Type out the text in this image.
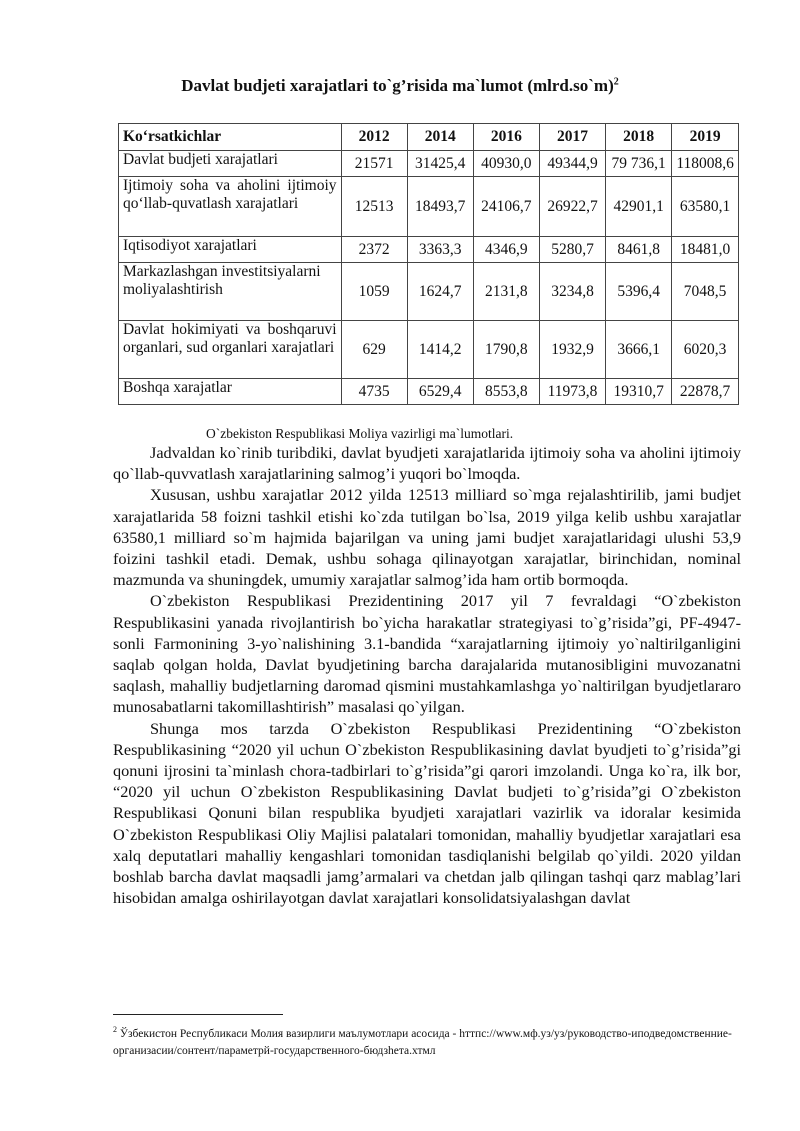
Davlat budjeti xarajatlari to`g’risida ma`lumot (mlrd.so`m)$^2$
Ko‘rsatkichlar	2012	2014	2016	2017	2018	2019
Davlat budjeti xarajatlari	21571	31425,4	40930,0	49344,9	79 736,1	118008,6
Ijtimoiy soha va aholini ijtimoiy qo‘llab-quvatlash xarajatlari	12513	18493,7	24106,7	26922,7	42901,1	63580,1
Iqtisodiyot xarajatlari	2372	3363,3	4346,9	5280,7	8461,8	18481,0
Markazlashgan investitsiyalarni moliyalashtirish	1059	1624,7	2131,8	3234,8	5396,4	7048,5
Davlat hokimiyati va boshqaruvi organlari, sud organlari xarajatlari	629	1414,2	1790,8	1932,9	3666,1	6020,3
Boshqa xarajatlar	4735	6529,4	8553,8	11973,8	19310,7	22878,7
O`zbekiston Respublikasi Moliya vazirligi ma`lumotlari.

Jadvaldan ko`rinib turibdiki, davlat byudjeti xarajatlarida ijtimoiy soha va aholini ijtimoiy qo`llab-quvvatlash xarajatlarining salmog’i yuqori bo`lmoqda.

Xususan, ushbu xarajatlar 2012 yilda 12513 milliard so`mga rejalashtirilib, jami budjet xarajatlarida 58 foizni tashkil etishi ko`zda tutilgan bo`lsa, 2019 yilga kelib ushbu xarajatlar 63580,1 milliard so`m hajmida bajarilgan va uning jami budjet xarajatlaridagi ulushi 53,9 foizini tashkil etadi. Demak, ushbu sohaga qilinayotgan xarajatlar, birinchidan, nominal mazmunda va shuningdek, umumiy xarajatlar salmog’ida ham ortib bormoqda.

O`zbekiston Respublikasi Prezidentining 2017 yil 7 fevraldagi “O`zbekiston Respublikasini yanada rivojlantirish bo`yicha harakatlar strategiyasi to`g’risida”gi, PF-4947-sonli Farmonining 3-yo`nalishining 3.1-bandida “xarajatlarning ijtimoiy yo`naltirilganligini saqlab qolgan holda, Davlat byudjetining barcha darajalarida mutanosibligini muvozanatni saqlash, mahalliy budjetlarning daromad qismini mustahkamlashga yo`naltirilgan byudjetlararo munosabatlarni takomillashtirish” masalasi qo`yilgan.

Shunga mos tarzda O`zbekiston Respublikasi Prezidentining “O`zbekiston Respublikasining “2020 yil uchun O`zbekiston Respublikasining davlat byudjeti to`g’risida”gi qonuni ijrosini ta`minlash chora-tadbirlari to`g’risida”gi qarori imzolandi. Unga ko`ra, ilk bor, “2020 yil uchun O`zbekiston Respublikasining Davlat budjeti to`g’risida”gi O`zbekiston Respublikasi Qonuni bilan respublika byudjeti xarajatlari vazirlik va idoralar kesimida O`zbekiston Respublikasi Oliy Majlisi palatalari tomonidan, mahalliy byudjetlar xarajatlari esa xalq deputatlari mahalliy kengashlari tomonidan tasdiqlanishi belgilab qo`yildi. 2020 yildan boshlab barcha davlat maqsadli jamg’armalari va chetdan jalb qilingan tashqi qarz mablag’lari hisobidan amalga oshirilayotgan davlat xarajatlari konsolidatsiyalashgan davlat

$^2$ Ўзбекистон Республикаси Молия вазирлиги маълумотлари асосида - hттпс://www.мф.уз/уз/руководство-иподведомственние-организасии/сонтент/параметрй-государственного-бюдзhета.хтмл
